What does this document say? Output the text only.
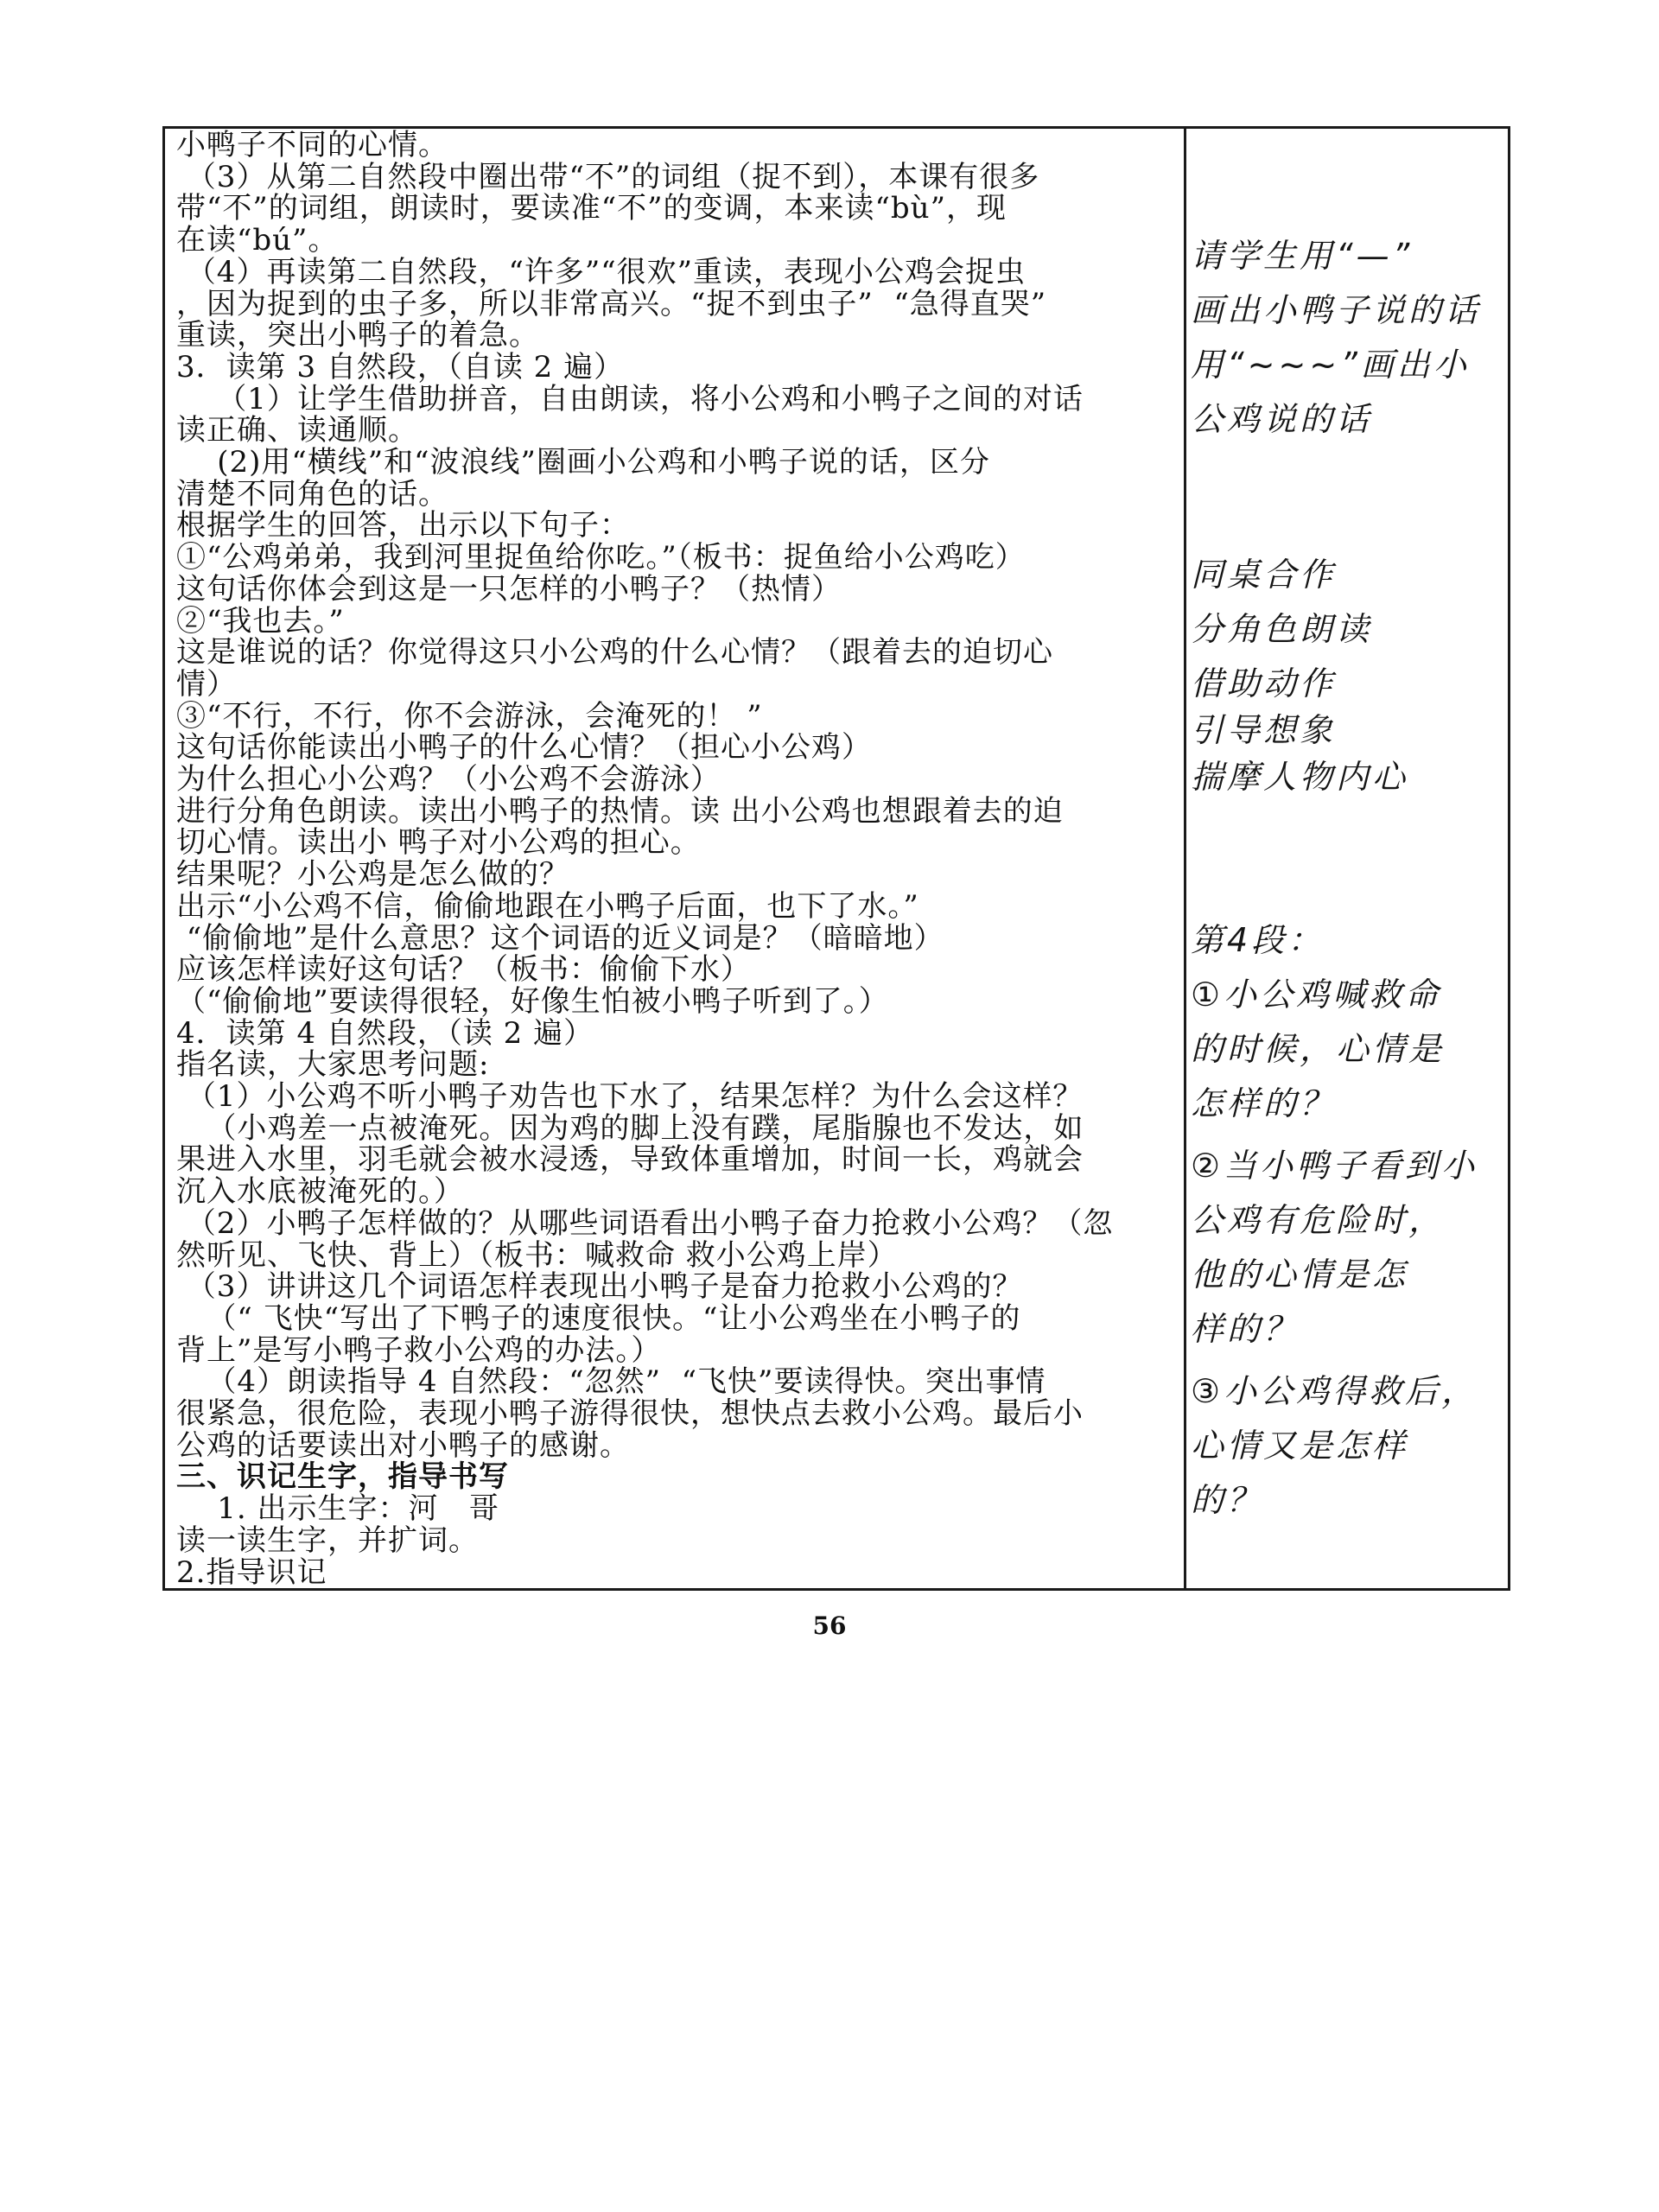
小鸭子不同的心情。
（3）从第二自然段中圈出带“不”的词组（捉不到），本课有很多
带“不”的词组，朗读时，要读准“不”的变调，本来读“bù”，现
在读“bú”。
（4）再读第二自然段，“许多”“很欢”重读，表现小公鸡会捉虫
，因为捉到的虫子多，所以非常高兴。“捉不到虫子”  “急得直哭”
重读，突出小鸭子的着急。
3．读第 3 自然段，（自读 2 遍）
（1）让学生借助拼音，自由朗读，将小公鸡和小鸭子之间的对话
读正确、读通顺。
(2)用“横线”和“波浪线”圈画小公鸡和小鸭子说的话，区分
清楚不同角色的话。
根据学生的回答，出示以下句子：
①“公鸡弟弟，我到河里捉鱼给你吃。”（板书：捉鱼给小公鸡吃）
这句话你体会到这是一只怎样的小鸭子？（热情）
②“我也去。”
这是谁说的话？你觉得这只小公鸡的什么心情？（跟着去的迫切心
情）
③“不行，不行，你不会游泳，会淹死的！ ”
这句话你能读出小鸭子的什么心情？（担心小公鸡）
为什么担心小公鸡？（小公鸡不会游泳）
进行分角色朗读。读出小鸭子的热情。读 出小公鸡也想跟着去的迫
切心情。读出小 鸭子对小公鸡的担心。
结果呢？小公鸡是怎么做的？
出示“小公鸡不信，偷偷地跟在小鸭子后面，也下了水。”
“偷偷地”是什么意思？这个词语的近义词是？（暗暗地）
应该怎样读好这句话？（板书：偷偷下水）
（“偷偷地”要读得很轻，好像生怕被小鸭子听到了。）
4．读第 4 自然段，（读 2 遍）
指名读，大家思考问题:
（1）小公鸡不听小鸭子劝告也下水了，结果怎样？为什么会这样？
（小鸡差一点被淹死。因为鸡的脚上没有蹼，尾脂腺也不发达，如
果进入水里，羽毛就会被水浸透，导致体重增加，时间一长，鸡就会
沉入水底被淹死的。）
（2）小鸭子怎样做的？从哪些词语看出小鸭子奋力抢救小公鸡？（忽
然听见、飞快、背上）（板书：喊救命 救小公鸡上岸）
（3）讲讲这几个词语怎样表现出小鸭子是奋力抢救小公鸡的？
（“ 飞快“写出了下鸭子的速度很快。“让小公鸡坐在小鸭子的
背上”是写小鸭子救小公鸡的办法。）
（4）朗读指导 4 自然段：“忽然”  “飞快”要读得快。突出事情
很紧急，很危险，表现小鸭子游得很快，想快点去救小公鸡。最后小
公鸡的话要读出对小鸭子的感谢。
三、识记生字，指导书写
1. 出示生字：河   哥
读一读生字，并扩词。
2.指导识记
请学生用“—”
画出小鸭子说的话
用“~~~”画出小
公鸡说的话
同桌合作
分角色朗读
借助动作
引导想象
揣摩人物内心
第4段：
①小公鸡喊救命
的时候，心情是
怎样的？
②当小鸭子看到小
公鸡有危险时，
他的心情是怎
样的？
③小公鸡得救后，
心情又是怎样
的？
56
